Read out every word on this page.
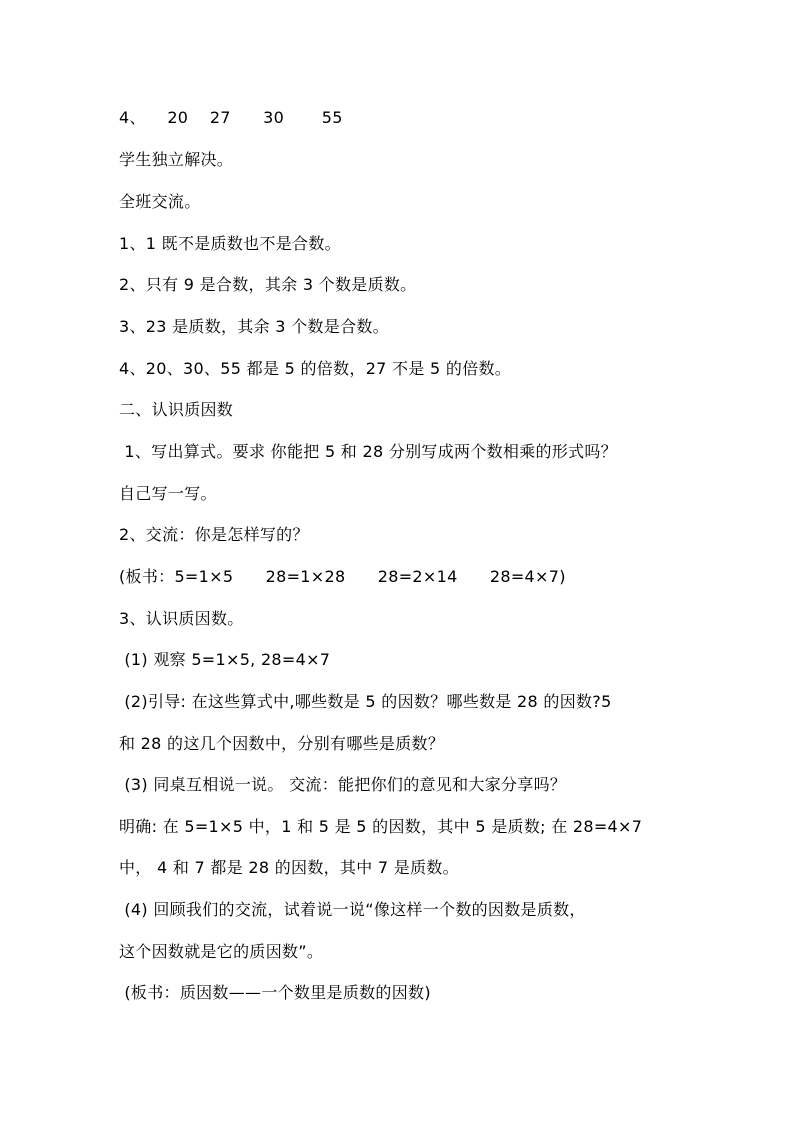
4、    20    27      30       55
学生独立解决。
全班交流。
1、1 既不是质数也不是合数。
2、只有 9 是合数，其余 3 个数是质数。
3、23 是质数，其余 3 个数是合数。
4、20、30、55 都是 5 的倍数，27 不是 5 的倍数。
二、认识质因数
1、写出算式。要求 你能把 5 和 28 分别写成两个数相乘的形式吗？
自己写一写。
2、交流：你是怎样写的？
(板书：5=1×5      28=1×28      28=2×14      28=4×7)
3、认识质因数。
(1) 观察 5=1×5, 28=4×7
(2)引导: 在这些算式中,哪些数是 5 的因数？哪些数是 28 的因数?5
和 28 的这几个因数中，分别有哪些是质数？
(3) 同桌互相说一说。 交流：能把你们的意见和大家分享吗？
明确: 在 5=1×5 中，1 和 5 是 5 的因数，其中 5 是质数; 在 28=4×7
中， 4 和 7 都是 28 的因数，其中 7 是质数。
(4) 回顾我们的交流，试着说一说“像这样一个数的因数是质数，
这个因数就是它的质因数”。
(板书：质因数——一个数里是质数的因数)
